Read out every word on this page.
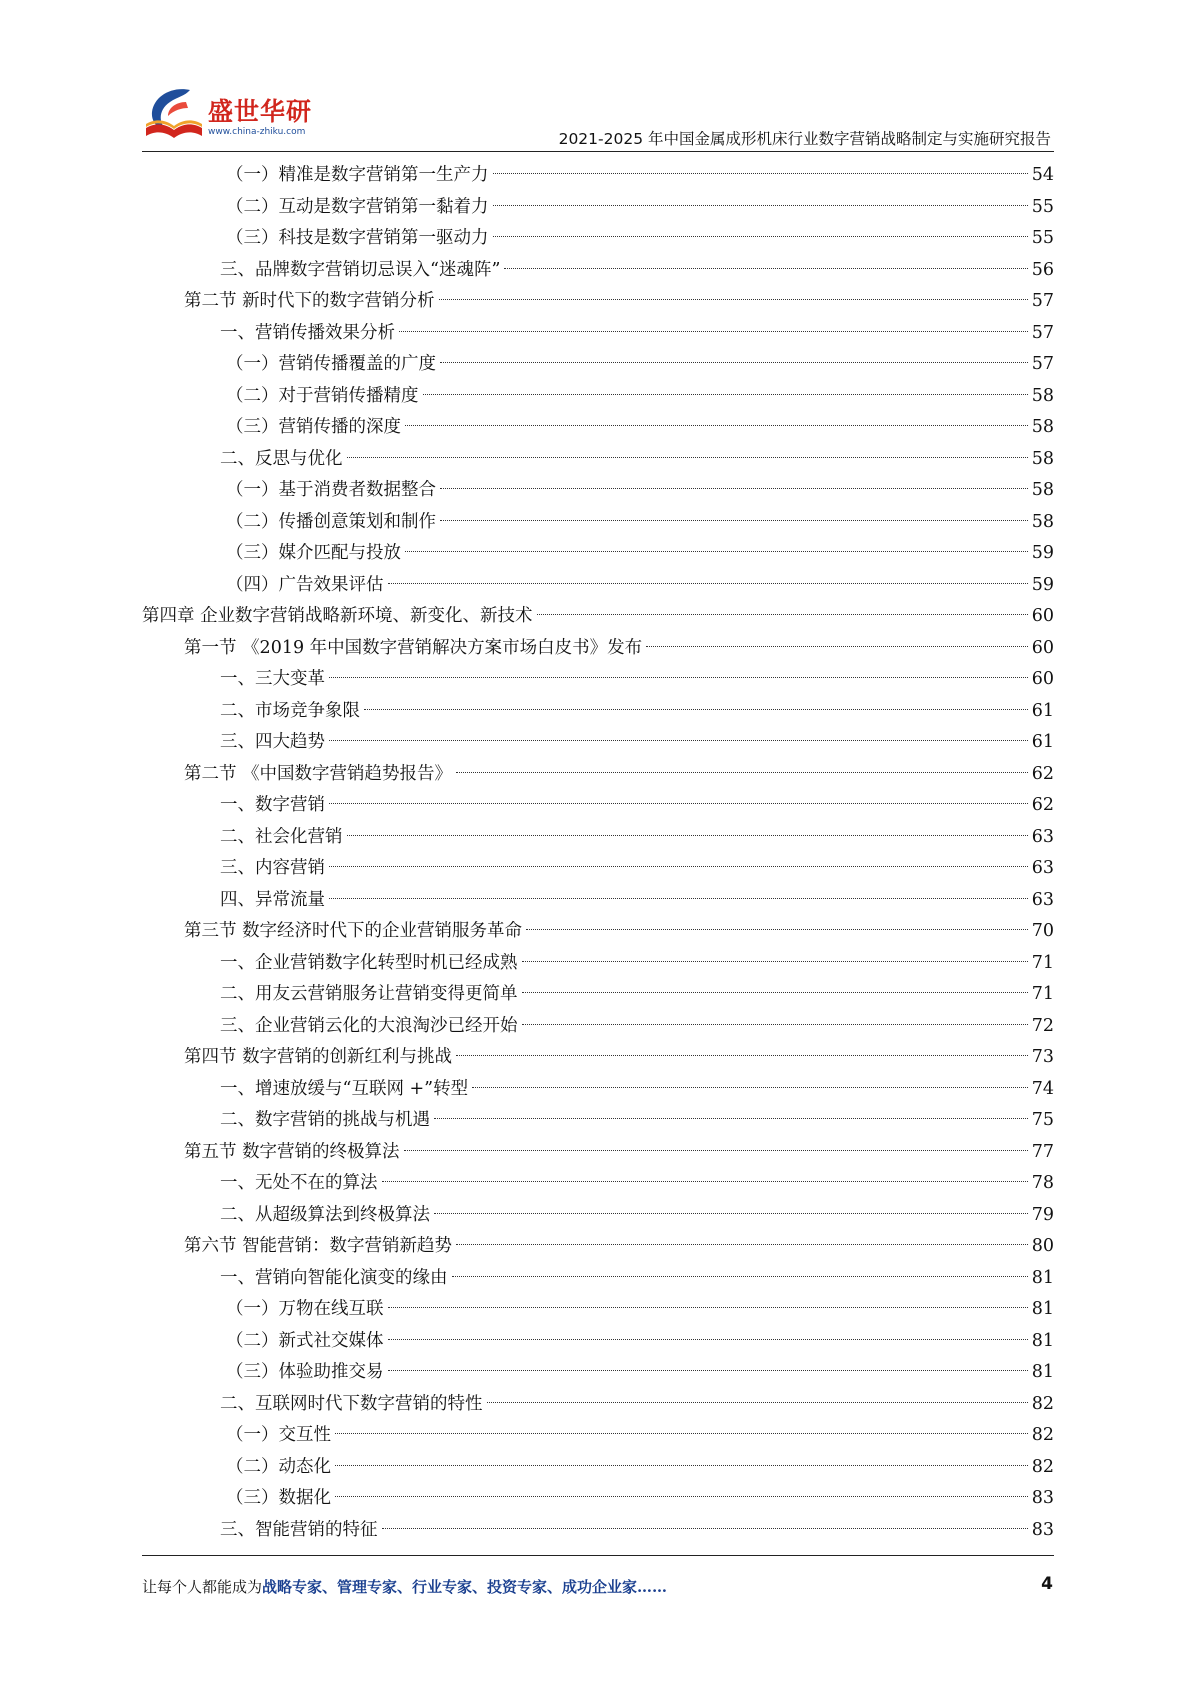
盛世华研
www.china-zhiku.com	2021-2025 年中国金属成形机床行业数字营销战略制定与实施研究报告
（一）精准是数字营销第一生产力	54
（二）互动是数字营销第一黏着力	55
（三）科技是数字营销第一驱动力	55
三、品牌数字营销切忌误入“迷魂阵”	56
第二节 新时代下的数字营销分析	57
一、营销传播效果分析	57
（一）营销传播覆盖的广度	57
（二）对于营销传播精度	58
（三）营销传播的深度	58
二、反思与优化	58
（一）基于消费者数据整合	58
（二）传播创意策划和制作	58
（三）媒介匹配与投放	59
（四）广告效果评估	59
第四章 企业数字营销战略新环境、新变化、新技术	60
第一节 《2019 年中国数字营销解决方案市场白皮书》发布	60
一、三大变革	60
二、市场竞争象限	61
三、四大趋势	61
第二节 《中国数字营销趋势报告》	62
一、数字营销	62
二、社会化营销	63
三、内容营销	63
四、异常流量	63
第三节 数字经济时代下的企业营销服务革命	70
一、企业营销数字化转型时机已经成熟	71
二、用友云营销服务让营销变得更简单	71
三、企业营销云化的大浪淘沙已经开始	72
第四节 数字营销的创新红利与挑战	73
一、增速放缓与“互联网 +”转型	74
二、数字营销的挑战与机遇	75
第五节 数字营销的终极算法	77
一、无处不在的算法	78
二、从超级算法到终极算法	79
第六节 智能营销：数字营销新趋势	80
一、营销向智能化演变的缘由	81
（一）万物在线互联	81
（二）新式社交媒体	81
（三）体验助推交易	81
二、互联网时代下数字营销的特性	82
（一）交互性	82
（二）动态化	82
（三）数据化	83
三、智能营销的特征	83
让每个人都能成为战略专家、管理专家、行业专家、投资专家、成功企业家……	4
